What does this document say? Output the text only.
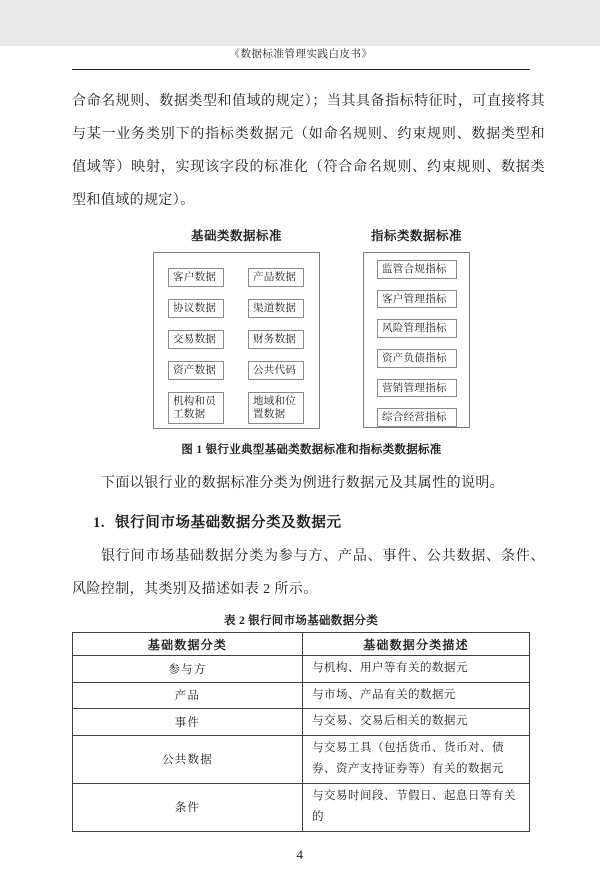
《数据标准管理实践白皮书》

合命名规则、数据类型和值域的规定）；当其具备指标特征时，可直接将其与某一业务类别下的指标类数据元（如命名规则、约束规则、数据类型和值域等）映射，实现该字段的标准化（符合命名规则、约束规则、数据类型和值域的规定）。

基础类数据标准
客户数据
协议数据
交易数据
资产数据
机构和员工数据
产品数据
渠道数据
财务数据
公共代码
地域和位置数据
指标类数据标准
监管合规指标
客户管理指标
风险管理指标
资产负债指标
营销管理指标
综合经营指标
图 1 银行业典型基础类数据标准和指标类数据标准

下面以银行业的数据标准分类为例进行数据元及其属性的说明。

1. 银行间市场基础数据分类及数据元

银行间市场基础数据分类为参与方、产品、事件、公共数据、条件、风险控制，其类别及描述如表 2 所示。

表 2 银行间市场基础数据分类
基础数据分类	基础数据分类描述
参与方	与机构、用户等有关的数据元
产品	与市场、产品有关的数据元
事件	与交易、交易后相关的数据元
公共数据	与交易工具（包括货币、货币对、债券、资产支持证券等）有关的数据元
条件	与交易时间段、节假日、起息日等有关的
4
